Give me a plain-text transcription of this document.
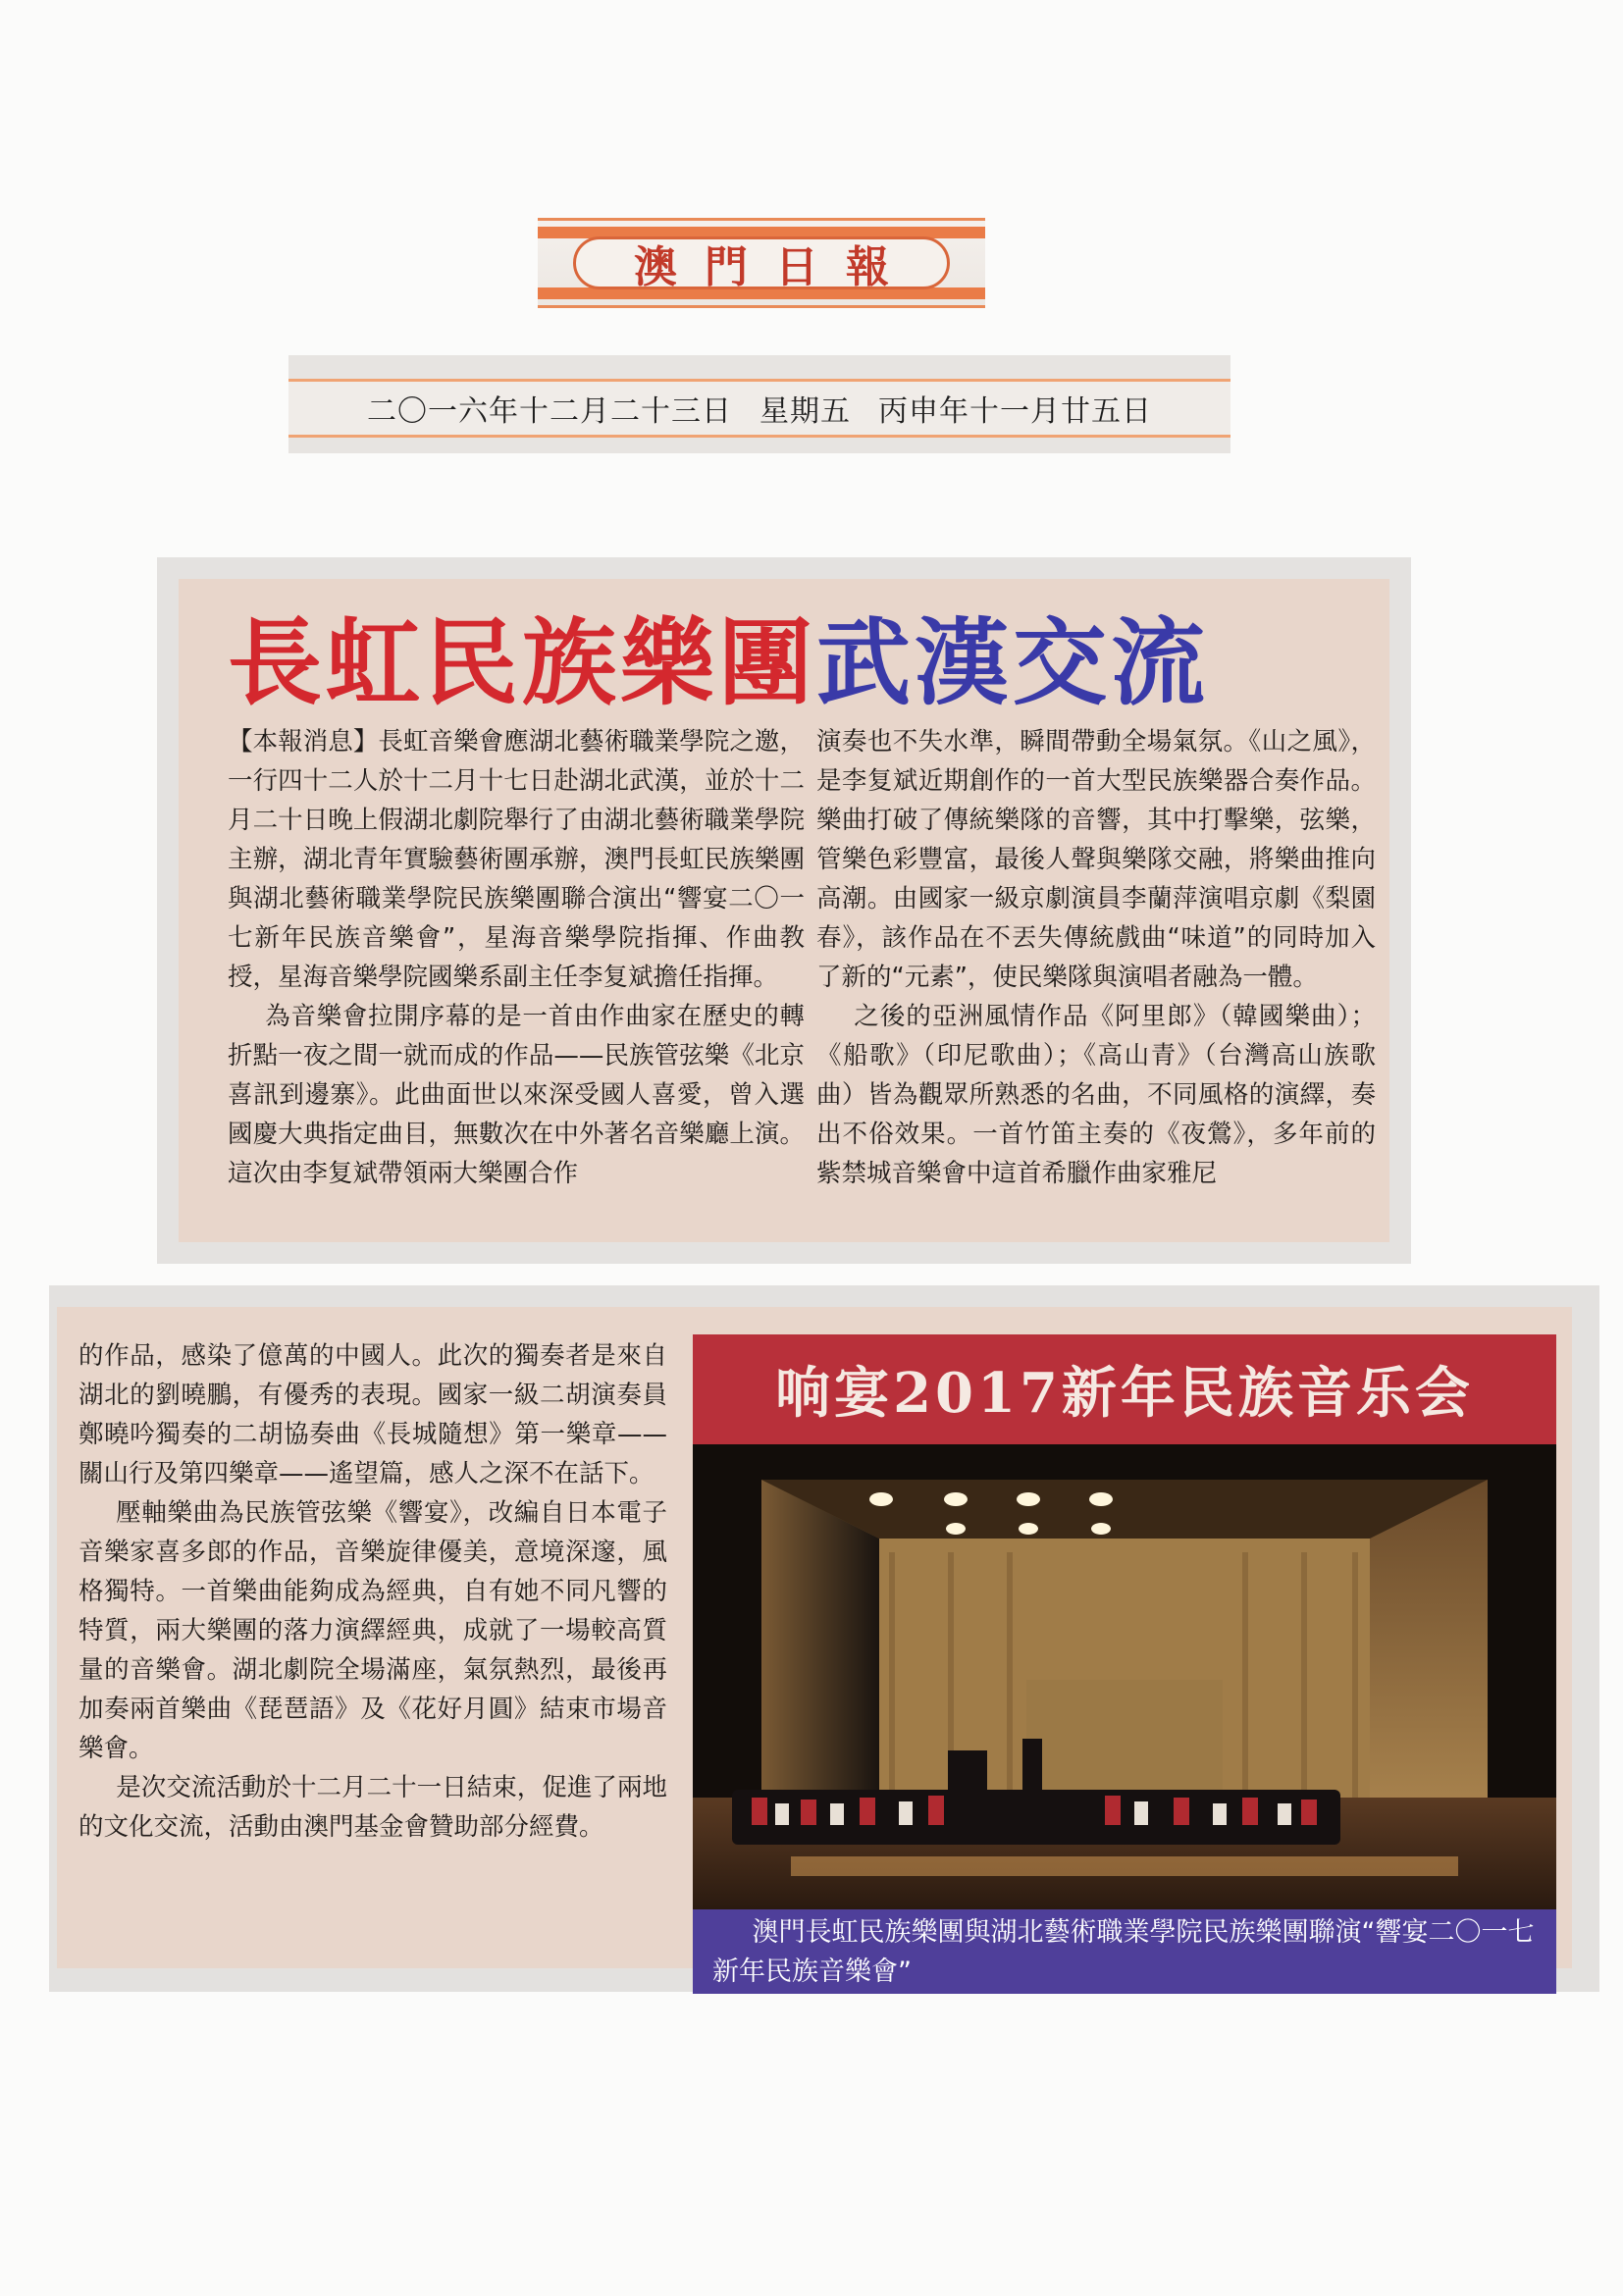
澳門日報
二〇一六年十二月二十三日 星期五 丙申年十一月廿五日
長虹民族樂團 武漢交流

【本報消息】長虹音樂會應湖北藝術職業學院之邀，一行四十二人於十二月十七日赴湖北武漢，並於十二月二十日晚上假湖北劇院舉行了由湖北藝術職業學院主辦，湖北青年實驗藝術團承辦，澳門長虹民族樂團與湖北藝術職業學院民族樂團聯合演出“響宴二〇一七新年民族音樂會”，星海音樂學院指揮、作曲教授，星海音樂學院國樂系副主任李复斌擔任指揮。

為音樂會拉開序幕的是一首由作曲家在歷史的轉折點一夜之間一就而成的作品——民族管弦樂《北京喜訊到邊寨》。此曲面世以來深受國人喜愛，曾入選國慶大典指定曲目，無數次在中外著名音樂廳上演。這次由李复斌帶領兩大樂團合作

演奏也不失水準，瞬間帶動全場氣氛。《山之風》，是李复斌近期創作的一首大型民族樂器合奏作品。樂曲打破了傳統樂隊的音響，其中打擊樂，弦樂，管樂色彩豐富，最後人聲與樂隊交融，將樂曲推向高潮。由國家一級京劇演員李蘭萍演唱京劇《梨園春》，該作品在不丟失傳統戲曲“味道”的同時加入了新的“元素”，使民樂隊與演唱者融為一體。

之後的亞洲風情作品《阿里郎》（韓國樂曲）；《船歌》（印尼歌曲）；《高山青》（台灣高山族歌曲）皆為觀眾所熟悉的名曲，不同風格的演繹，奏出不俗效果。一首竹笛主奏的《夜鶯》，多年前的紫禁城音樂會中這首希臘作曲家雅尼

的作品，感染了億萬的中國人。此次的獨奏者是來自湖北的劉曉鵬，有優秀的表現。國家一級二胡演奏員鄭曉吟獨奏的二胡協奏曲《長城隨想》第一樂章——關山行及第四樂章——遙望篇，感人之深不在話下。

壓軸樂曲為民族管弦樂《響宴》，改編自日本電子音樂家喜多郎的作品，音樂旋律優美，意境深邃，風格獨特。一首樂曲能夠成為經典，自有她不同凡響的特質，兩大樂團的落力演繹經典，成就了一場較高質量的音樂會。湖北劇院全場滿座，氣氛熱烈，最後再加奏兩首樂曲《琵琶語》及《花好月圓》結束市場音樂會。

是次交流活動於十二月二十一日結束，促進了兩地的文化交流，活動由澳門基金會贊助部分經費。

响宴2017新年民族音乐会
澳門長虹民族樂團與湖北藝術職業學院民族樂團聯演“響宴二〇一七新年民族音樂會”
